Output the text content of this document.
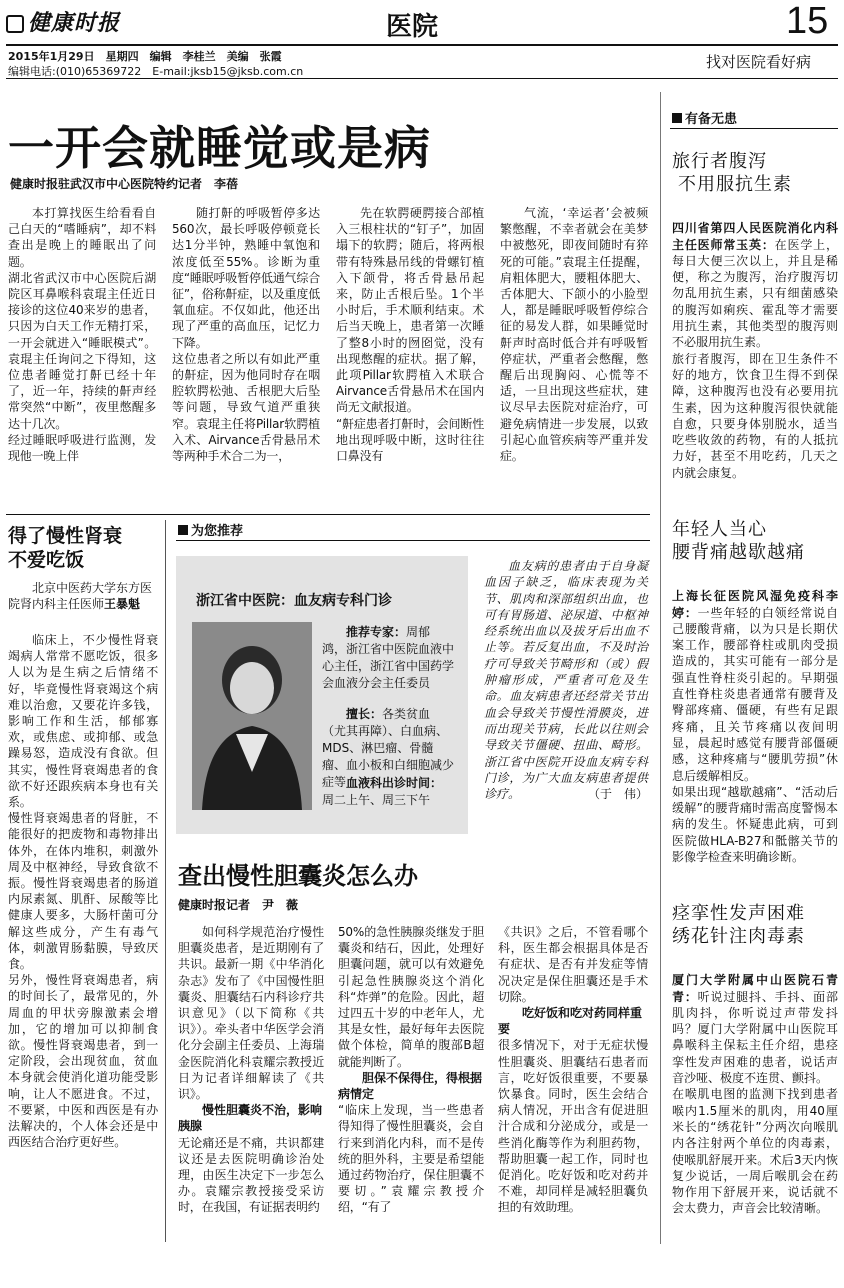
健康时报	医院	15
2015年1月29日　星期四　编辑　李桂兰　美编　张霞
编辑电话:(010)65369722　E-mail:jksb15@jksb.com.cn
找对医院看好病
一开会就睡觉或是病
健康时报驻武汉市中心医院特约记者　李蓓
本打算找医生给看看自己白天的“嗜睡病”，却不料查出是晚上的睡眠出了问题。
湖北省武汉市中心医院后湖院区耳鼻喉科袁琨主任近日接诊的这位40来岁的患者，只因为白天工作无精打采，一开会就进入“睡眠模式”。袁琨主任询问之下得知，这位患者睡觉打鼾已经十年了，近一年，持续的鼾声经常突然“中断”，夜里憋醒多达十几次。
经过睡眠呼吸进行监测，发现他一晚上伴
随打鼾的呼吸暂停多达560次，最长呼吸停顿竟长达1分半钟，熟睡中氧饱和浓度低至55%。诊断为重度“睡眠呼吸暂停低通气综合征”，俗称鼾症，以及重度低氧血症。不仅如此，他还出现了严重的高血压，记忆力下降。
这位患者之所以有如此严重的鼾症，因为他同时存在咽腔软腭松弛、舌根肥大后坠等问题，导致气道严重狭窄。袁琨主任将Pillar软腭植入术、Airvance舌骨悬吊术等两种手术合二为一，
先在软腭硬腭接合部植入三根柱状的“钉子”，加固塌下的软腭；随后，将两根带有特殊悬吊线的骨螺钉植入下颌骨，将舌骨悬吊起来，防止舌根后坠。1个半小时后，手术顺利结束。术后当天晚上，患者第一次睡了整8小时的囫囵觉，没有出现憋醒的症状。据了解，此项Pillar软腭植入术联合Airvance舌骨悬吊术在国内尚无文献报道。
“鼾症患者打鼾时，会间断性地出现呼吸中断，这时往往口鼻没有
气流，‘幸运者’会被频繁憋醒，不幸者就会在美梦中被憋死，即夜间随时有猝死的可能。”袁琨主任提醒，肩粗体肥大，腰粗体肥大、舌体肥大、下颌小的小脸型人，都是睡眠呼吸暂停综合征的易发人群，如果睡觉时鼾声时高时低合并有呼吸暂停症状，严重者会憋醒，憋醒后出现胸闷、心慌等不适，一旦出现这些症状，建议尽早去医院对症治疗，可避免病情进一步发展，以致引起心血管疾病等严重并发症。
得了慢性肾衰
不爱吃饭
北京中医药大学东方医院肾内科主任医师王暴魁
临床上，不少慢性肾衰竭病人常常不愿吃饭，很多人以为是生病之后情绪不好，毕竟慢性肾衰竭这个病难以治愈，又要花许多钱，影响工作和生活，郁郁寡欢，或焦虑、或抑郁、或急躁易怒，造成没有食欲。但其实，慢性肾衰竭患者的食欲不好还跟疾病本身也有关系。
慢性肾衰竭患者的肾脏，不能很好的把废物和毒物排出体外，在体内堆积，刺激外周及中枢神经，导致食欲不振。慢性肾衰竭患者的肠道内尿素氮、肌酐、尿酸等比健康人要多，大肠杆菌可分解这些成分，产生有毒气体，刺激胃肠黏膜，导致厌食。
另外，慢性肾衰竭患者，病的时间长了，最常见的，外周血的甲状旁腺激素会增加，它的增加可以抑制食欲。慢性肾衰竭患者，到一定阶段，会出现贫血，贫血本身就会使消化道功能受影响，让人不愿进食。不过，不要紧，中医和西医是有办法解决的，个人体会还是中西医结合治疗更好些。
为您推荐
浙江省中医院：血友病专科门诊
推荐专家：周郁鸿，浙江省中医院血液中心主任，浙江省中国药学会血液分会主任委员
擅长：各类贫血（尤其再障）、白血病、MDS、淋巴瘤、骨髓瘤、血小板和白细胞减少症等 血液科出诊时间：
周二上午、周三下午
血友病的患者由于自身凝血因子缺乏，临床表现为关节、肌肉和深部组织出血，也可有胃肠道、泌尿道、中枢神经系统出血以及拔牙后出血不止等。若反复出血，不及时治疗可导致关节畸形和（或）假肿瘤形成，严重者可危及生命。血友病患者还经常关节出血会导致关节慢性滑膜炎，进而出现关节病，长此以往则会导致关节僵硬、扭曲、畸形。浙江省中医院开设血友病专科门诊，为广大血友病患者提供诊疗。	（于　伟）
查出慢性胆囊炎怎么办
健康时报记者　尹　薇
如何科学规范治疗慢性胆囊炎患者，是近期刚有了共识。最新一期《中华消化杂志》发布了《中国慢性胆囊炎、胆囊结石内科诊疗共识意见》（以下简称《共识》）。牵头者中华医学会消化分会副主任委员、上海瑞金医院消化科袁耀宗教授近日为记者详细解读了《共识》。
慢性胆囊炎不治，影响胰腺
无论痛还是不痛，共识都建议还是去医院明确诊治处理，由医生决定下一步怎么办。袁耀宗教授接受采访时，在我国，有证据表明约
50%的急性胰腺炎继发于胆囊炎和结石，因此，处理好胆囊问题，就可以有效避免引起急性胰腺炎这个消化科“炸弹”的危险。因此，超过四五十岁的中老年人，尤其是女性，最好每年去医院做个体检，简单的腹部B超就能判断了。
胆保不保得住，得根据病情定
“临床上发现，当一些患者得知得了慢性胆囊炎，会自行来到消化内科，而不是传统的胆外科，主要是希望能通过药物治疗，保住胆囊不要切。”袁耀宗教授介绍，“有了
《共识》之后，不管看哪个科，医生都会根据具体是否有症状、是否有并发症等情况决定是保住胆囊还是手术切除。
吃好饭和吃对药同样重要
很多情况下，对于无症状慢性胆囊炎、胆囊结石患者而言，吃好饭很重要，不要暴饮暴食。同时，医生会结合病人情况，开出含有促进胆汁合成和分泌成分，或是一些消化酶等作为利胆药物，帮助胆囊一起工作，同时也促消化。吃好饭和吃对药并不难，却同样是减轻胆囊负担的有效助理。
有备无患
旅行者腹泻
不用服抗生素

四川省第四人民医院消化内科主任医师常玉英：在医学上，每日大便三次以上，并且是稀便，称之为腹泻，治疗腹泻切勿乱用抗生素，只有细菌感染的腹泻如痢疾、霍乱等才需要用抗生素，其他类型的腹泻则不必服用抗生素。
旅行者腹泻，即在卫生条件不好的地方，饮食卫生得不到保障，这种腹泻也没有必要用抗生素，因为这种腹泻很快就能自愈，只要身体别脱水，适当吃些收敛的药物，有的人抵抗力好，甚至不用吃药，几天之内就会康复。

年轻人当心
腰背痛越歇越痛

上海长征医院风湿免疫科李婷：一些年轻的白领经常说自己腰酸背痛，以为只是长期伏案工作，腰部脊柱或肌肉受损造成的，其实可能有一部分是强直性脊柱炎引起的。早期强直性脊柱炎患者通常有腰背及臀部疼痛、僵硬，有些有足跟疼痛，且关节疼痛以夜间明显，晨起时感觉有腰背部僵硬感，这种疼痛与“腰肌劳损”休息后缓解相反。
如果出现“越歇越痛”、“活动后缓解”的腰背痛时需高度警惕本病的发生。怀疑患此病，可到医院做HLA-B27和骶髂关节的影像学检查来明确诊断。

痉挛性发声困难
绣花针注肉毒素

厦门大学附属中山医院石青青：听说过腿抖、手抖、面部肌肉抖，你听说过声带发抖吗？厦门大学附属中山医院耳鼻喉科主保耘主任介绍，患痉挛性发声困难的患者，说话声音沙哑、极度不连贯、颤抖。
在喉肌电图的监测下找到患者喉内1.5厘米的肌肉，用40厘米长的“绣花针”分两次向喉肌内各注射两个单位的肉毒素，使喉肌舒展开来。术后3天内恢复少说话，一周后喉肌会在药物作用下舒展开来，说话就不会太费力，声音会比较清晰。
